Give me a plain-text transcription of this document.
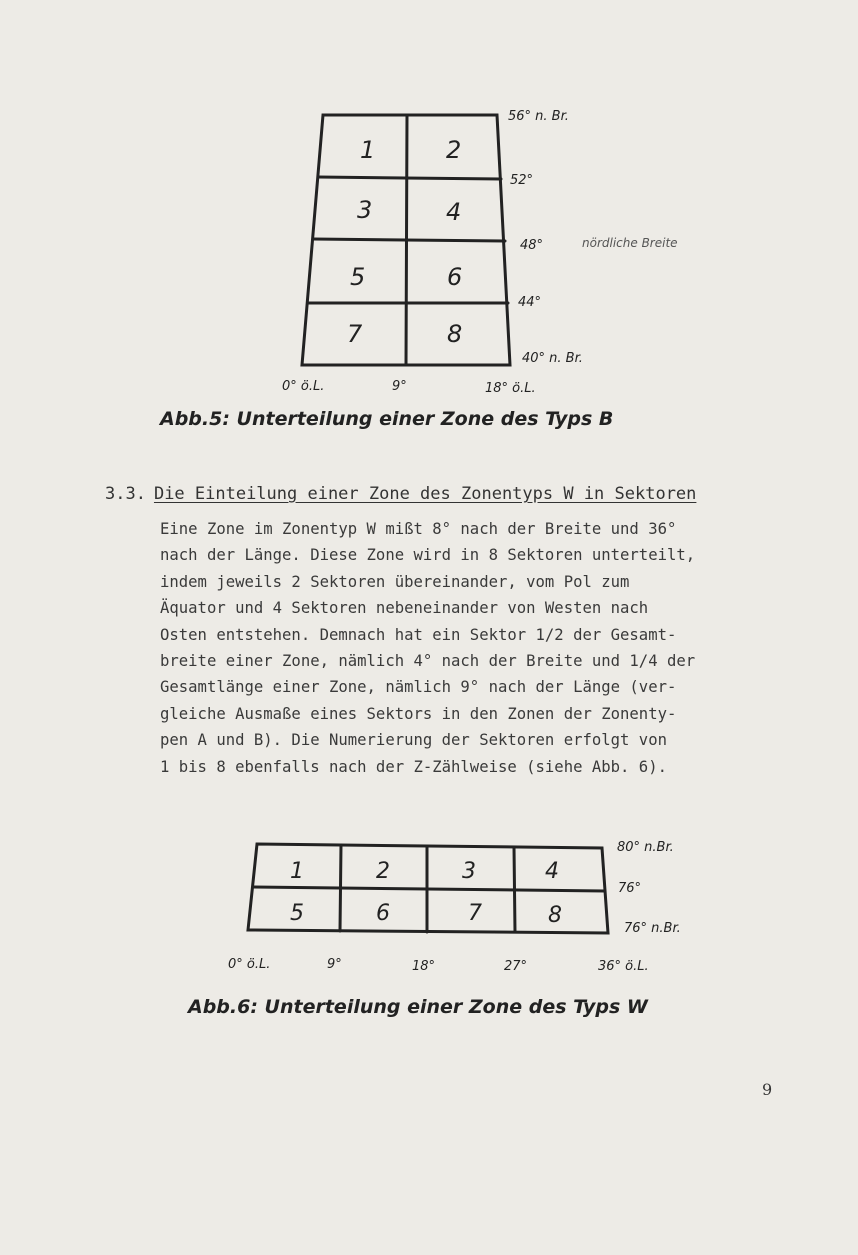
1	2
3	4
5	6
7	8
56° n. Br.
52°
48°
44°
40° n. Br.
nördliche Breite
0° ö.L.	9°	18° ö.L.
Abb.5: Unterteilung einer Zone des Typs B
3.3. Die Einteilung einer Zone des Zonentyps W in Sektoren

Eine Zone im Zonentyp W mißt 8° nach der Breite und 36°
nach der Länge. Diese Zone wird in 8 Sektoren unterteilt,
indem jeweils 2 Sektoren übereinander, vom Pol zum
Äquator und 4 Sektoren nebeneinander von Westen nach
Osten entstehen. Demnach hat ein Sektor 1/2 der Gesamt-
breite einer Zone, nämlich 4° nach der Breite und 1/4 der
Gesamtlänge einer Zone, nämlich 9° nach der Länge (ver-
gleiche Ausmaße eines Sektors in den Zonen der Zonenty-
pen A und B). Die Numerierung der Sektoren erfolgt von
1 bis 8 ebenfalls nach der Z-Zählweise (siehe Abb. 6).

1	2	3	4
5	6	7	8
80° n.Br.
76°
76° n.Br.
0° ö.L.	9°	18°	27°	36° ö.L.
Abb.6: Unterteilung einer Zone des Typs W
9
